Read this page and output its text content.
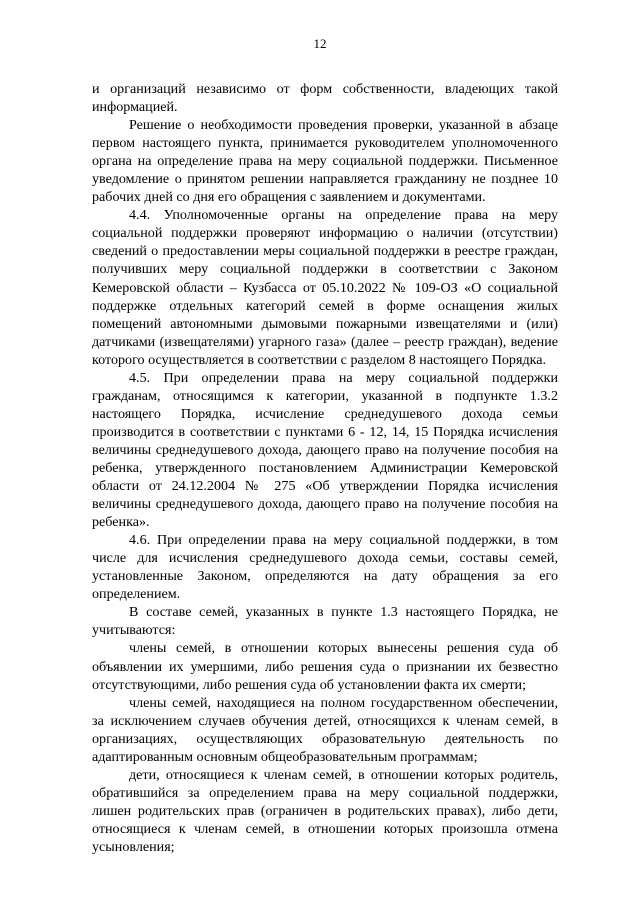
12

и организаций независимо от форм собственности, владеющих такой информацией.

Решение о необходимости проведения проверки, указанной в абзаце первом настоящего пункта, принимается руководителем уполномоченного органа на определение права на меру социальной поддержки. Письменное уведомление о принятом решении направляется гражданину не позднее 10 рабочих дней со дня его обращения с заявлением и документами.

4.4. Уполномоченные органы на определение права на меру социальной поддержки проверяют информацию о наличии (отсутствии) сведений о предоставлении меры социальной поддержки в реестре граждан, получивших меру социальной поддержки в соответствии с Законом Кемеровской области – Кузбасса от 05.10.2022 № 109-ОЗ «О социальной поддержке отдельных категорий семей в форме оснащения жилых помещений автономными дымовыми пожарными извещателями и (или) датчиками (извещателями) угарного газа» (далее – реестр граждан), ведение которого осуществляется в соответствии с разделом 8 настоящего Порядка.

4.5. При определении права на меру социальной поддержки гражданам, относящимся к категории, указанной в подпункте 1.3.2 настоящего Порядка, исчисление среднедушевого дохода семьи производится в соответствии с пунктами 6 - 12, 14, 15 Порядка исчисления величины среднедушевого дохода, дающего право на получение пособия на ребенка, утвержденного постановлением Администрации Кемеровской области от 24.12.2004 № 275 «Об утверждении Порядка исчисления величины среднедушевого дохода, дающего право на получение пособия на ребенка».

4.6. При определении права на меру социальной поддержки, в том числе для исчисления среднедушевого дохода семьи, составы семей, установленные Законом, определяются на дату обращения за его определением.

В составе семей, указанных в пункте 1.3 настоящего Порядка, не учитываются:

члены семей, в отношении которых вынесены решения суда об объявлении их умершими, либо решения суда о признании их безвестно отсутствующими, либо решения суда об установлении факта их смерти;

члены семей, находящиеся на полном государственном обеспечении, за исключением случаев обучения детей, относящихся к членам семей, в организациях, осуществляющих образовательную деятельность по адаптированным основным общеобразовательным программам;

дети, относящиеся к членам семей, в отношении которых родитель, обратившийся за определением права на меру социальной поддержки, лишен родительских прав (ограничен в родительских правах), либо дети, относящиеся к членам семей, в отношении которых произошла отмена усыновления;
